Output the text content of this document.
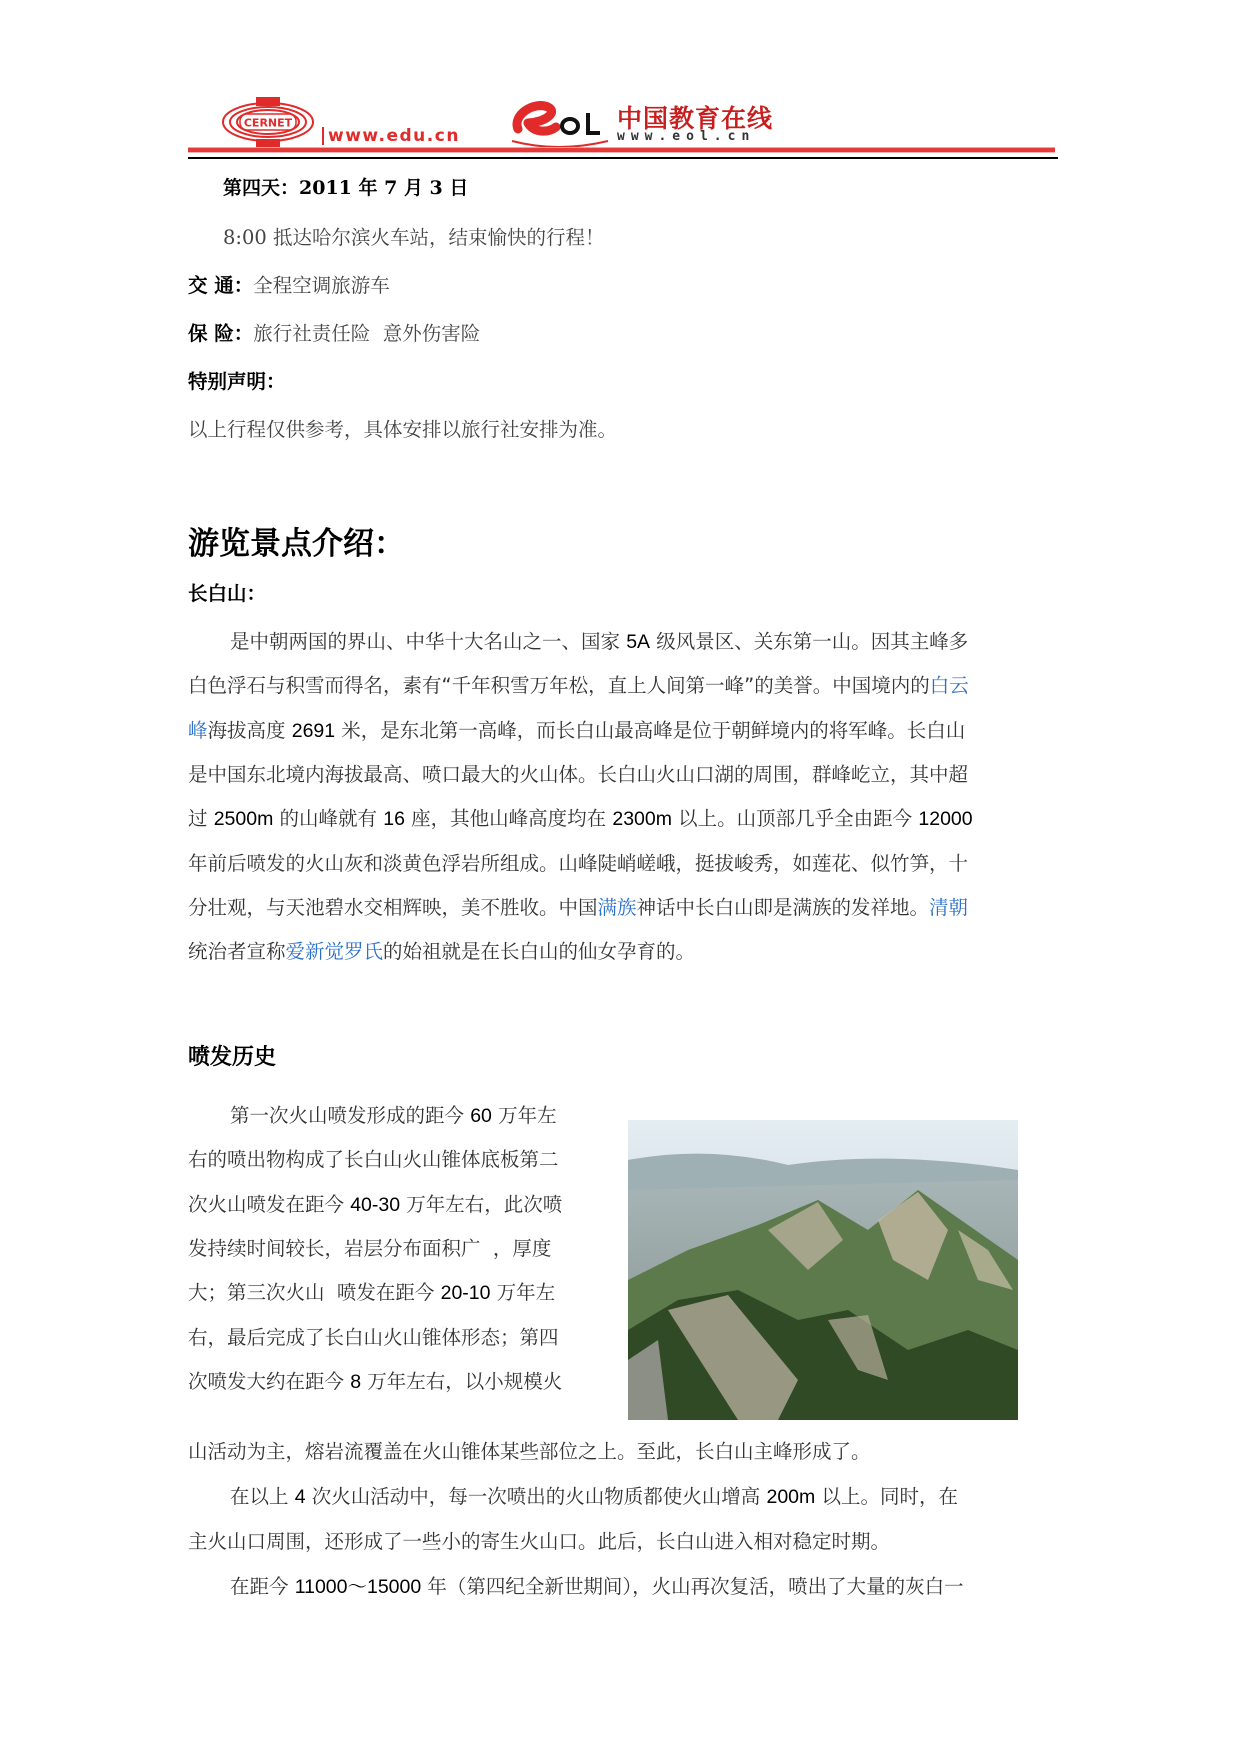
CERNET
www.edu.cn
中国教育在线
www.eol.cn
第四天：2011 年 7 月 3 日
8:00 抵达哈尔滨火车站，结束愉快的行程！
交 通：全程空调旅游车
保 险：旅行社责任险  意外伤害险
特别声明：
以上行程仅供参考，具体安排以旅行社安排为准。
游览景点介绍：
长白山：
是中朝两国的界山、中华十大名山之一、国家 5A 级风景区、关东第一山。因其主峰多
白色浮石与积雪而得名，素有“千年积雪万年松，直上人间第一峰”的美誉。中国境内的白云
峰海拔高度 2691 米，是东北第一高峰，而长白山最高峰是位于朝鲜境内的将军峰。长白山
是中国东北境内海拔最高、喷口最大的火山体。长白山火山口湖的周围，群峰屹立，其中超
过 2500m 的山峰就有 16 座，其他山峰高度均在 2300m 以上。山顶部几乎全由距今 12000
年前后喷发的火山灰和淡黄色浮岩所组成。山峰陡峭嵯峨，挺拔峻秀，如莲花、似竹笋，十
分壮观，与天池碧水交相辉映，美不胜收。中国满族神话中长白山即是满族的发祥地。清朝
统治者宣称爱新觉罗氏的始祖就是在长白山的仙女孕育的。
喷发历史
第一次火山喷发形成的距今 60 万年左
右的喷出物构成了长白山火山锥体底板第二
次火山喷发在距今 40-30 万年左右，此次喷
发持续时间较长，岩层分布面积广  ，厚度
大；第三次火山  喷发在距今 20-10 万年左
右，最后完成了长白山火山锥体形态；第四
次喷发大约在距今 8 万年左右，以小规模火
山活动为主，熔岩流覆盖在火山锥体某些部位之上。至此，长白山主峰形成了。
在以上 4 次火山活动中，每一次喷出的火山物质都使火山增高 200m 以上。同时，在
主火山口周围，还形成了一些小的寄生火山口。此后，长白山进入相对稳定时期。
在距今 11000～15000 年（第四纪全新世期间），火山再次复活，喷出了大量的灰白一
